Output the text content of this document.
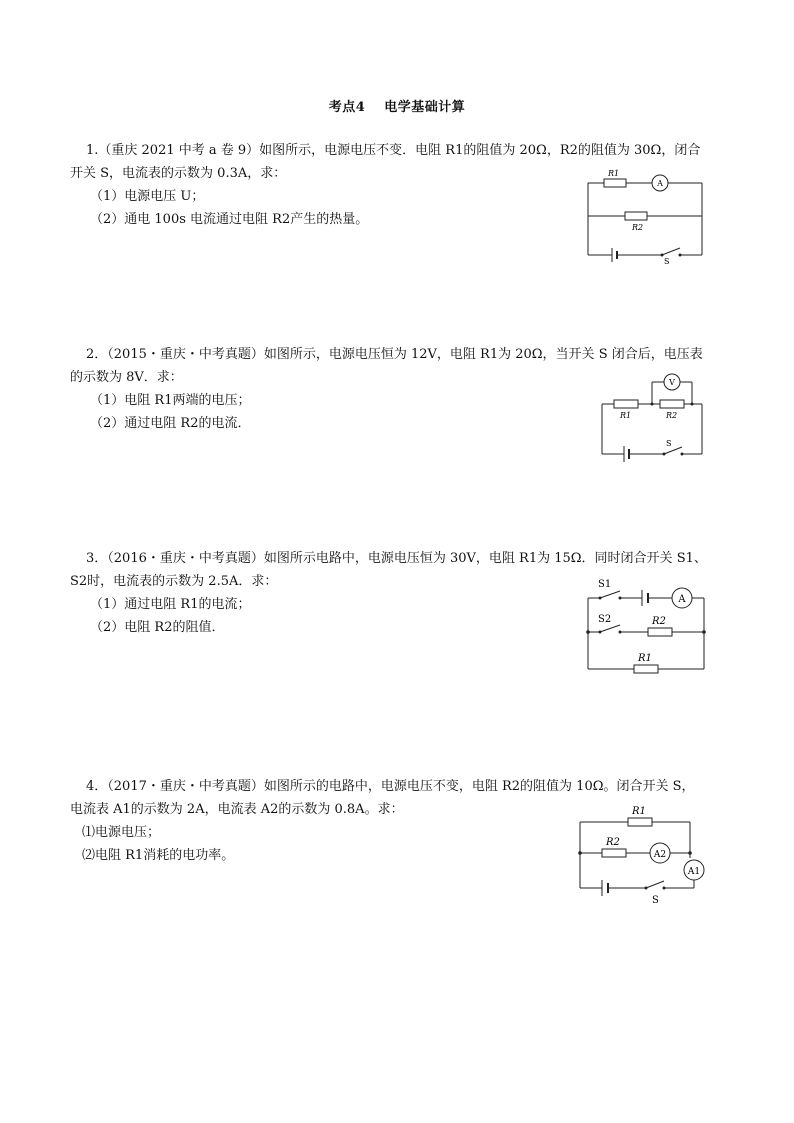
考点4 电学基础计算
1.（重庆 2021 中考 a 卷 9）如图所示，电源电压不变．电阻 R1的阻值为 20Ω，R2的阻值为 30Ω，闭合
开关 S，电流表的示数为 0.3A，求：
（1）电源电压 U；
（2）通电 100s 电流通过电阻 R2产生的热量。
R1
A
R2
S
2．（2015・重庆・中考真题）如图所示，电源电压恒为 12V，电阻 R1为 20Ω，当开关 S 闭合后，电压表
的示数为 8V．求：
（1）电阻 R1两端的电压；
（2）通过电阻 R2的电流．
V
R1	R2
S
3．（2016・重庆・中考真题）如图所示电路中，电源电压恒为 30V，电阻 R1为 15Ω．同时闭合开关 S1、
S2时，电流表的示数为 2.5A．求：
（1）通过电阻 R1的电流；
（2）电阻 R2的阻值．
S1
A
S2	R2
R1
4．（2017・重庆・中考真题）如图所示的电路中，电源电压不变，电阻 R2的阻值为 10Ω。闭合开关 S，
电流表 A1的示数为 2A，电流表 A2的示数为 0.8A。求：
⑴电源电压；
⑵电阻 R1消耗的电功率。
R1
R2
A2
A1
S
